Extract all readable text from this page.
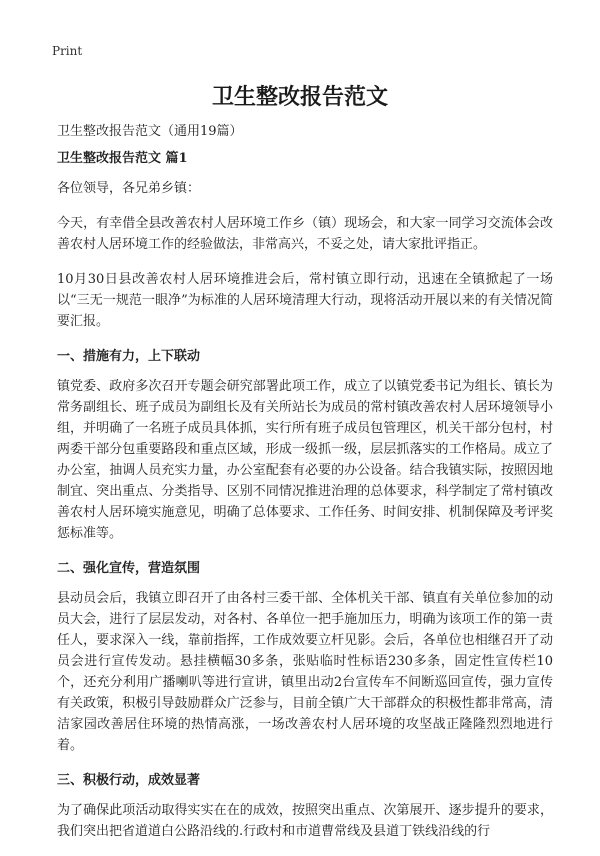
Print
卫生整改报告范文
卫生整改报告范文（通用19篇）
卫生整改报告范文 篇1
各位领导，各兄弟乡镇：

今天，有幸借全县改善农村人居环境工作乡（镇）现场会，和大家一同学习交流体会改善农村人居环境工作的经验做法，非常高兴，不妥之处，请大家批评指正。

10月30日县改善农村人居环境推进会后，常村镇立即行动，迅速在全镇掀起了一场以“三无一规范一眼净”为标准的人居环境清理大行动，现将活动开展以来的有关情况简要汇报。

一、措施有力，上下联动

镇党委、政府多次召开专题会研究部署此项工作，成立了以镇党委书记为组长、镇长为常务副组长、班子成员为副组长及有关所站长为成员的常村镇改善农村人居环境领导小组，并明确了一名班子成员具体抓，实行所有班子成员包管理区，机关干部分包村，村两委干部分包重要路段和重点区域，形成一级抓一级，层层抓落实的工作格局。成立了办公室，抽调人员充实力量，办公室配套有必要的办公设备。结合我镇实际，按照因地制宜、突出重点、分类指导、区别不同情况推进治理的总体要求，科学制定了常村镇改善农村人居环境实施意见，明确了总体要求、工作任务、时间安排、机制保障及考评奖惩标准等。

二、强化宣传，营造氛围

县动员会后，我镇立即召开了由各村三委干部、全体机关干部、镇直有关单位参加的动员大会，进行了层层发动，对各村、各单位一把手施加压力，明确为该项工作的第一责任人，要求深入一线，靠前指挥，工作成效要立杆见影。会后，各单位也相继召开了动员会进行宣传发动。悬挂横幅30多条，张贴临时性标语230多条，固定性宣传栏10个，还充分利用广播喇叭等进行宣讲，镇里出动2台宣传车不间断巡回宣传，强力宣传有关政策，积极引导鼓励群众广泛参与，目前全镇广大干部群众的积极性都非常高，清洁家园改善居住环境的热情高涨，一场改善农村人居环境的攻坚战正隆隆烈烈地进行着。

三、积极行动，成效显著

为了确保此项活动取得实实在在的成效，按照突出重点、次第展开、逐步提升的要求，我们突出把省道道白公路沿线的.行政村和市道曹常线及县道丁铁线沿线的行
